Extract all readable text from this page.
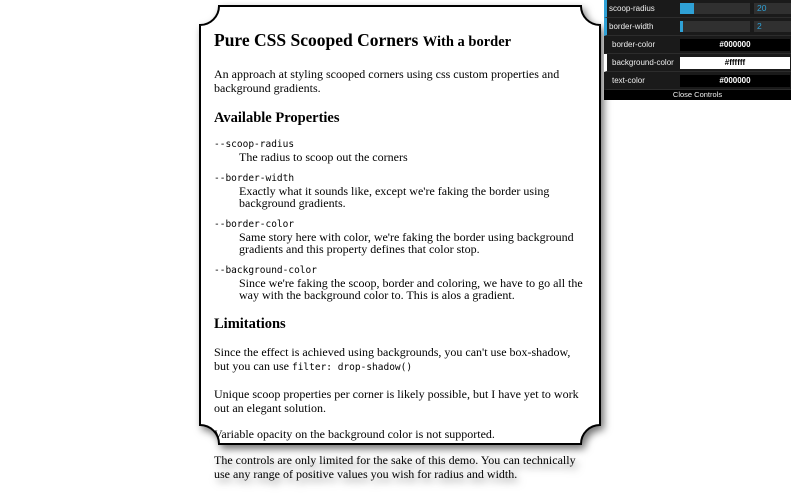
Pure CSS Scooped Corners With a border

An approach at styling scooped corners using css custom properties and background gradients.

Available Properties
--scoop-radius
The radius to scoop out the corners
--border-width
Exactly what it sounds like, except we're faking the border using background gradients.
--border-color
Same story here with color, we're faking the border using background gradients and this property defines that color stop.
--background-color
Since we're faking the scoop, border and coloring, we have to go all the way with the background color to. This is alos a gradient.
Limitations

Since the effect is achieved using backgrounds, you can't use box-shadow, but you can use filter: drop-shadow()

Unique scoop properties per corner is likely possible, but I have yet to work out an elegant solution.

Variable opacity on the background color is not supported.

The controls are only limited for the sake of this demo. You can technically use any range of positive values you wish for radius and width.

scoop-radius	20
border-width	2
border-color	#000000
background-color	#ffffff
text-color	#000000
Close Controls
